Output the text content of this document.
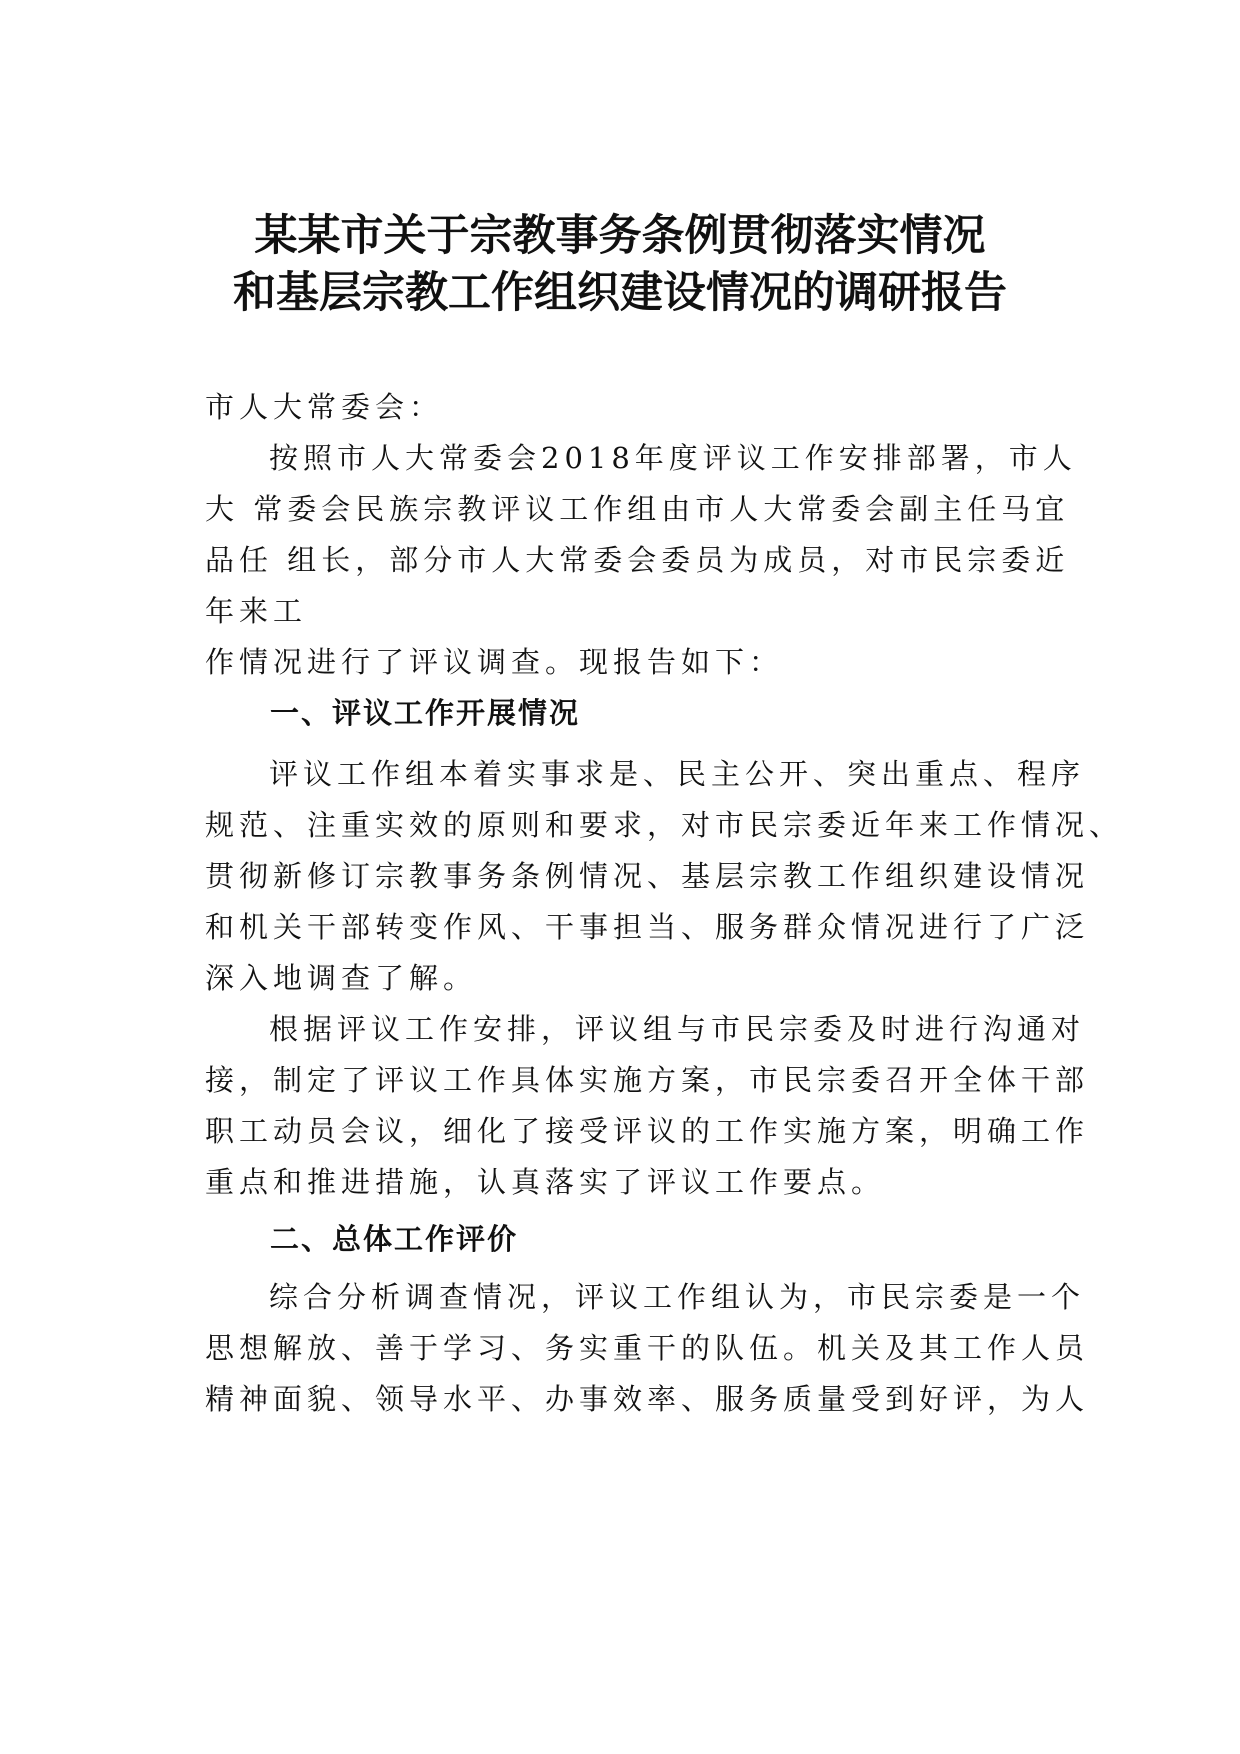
某某市关于宗教事务条例贯彻落实情况
和基层宗教工作组织建设情况的调研报告
市人大常委会：
按照市人大常委会2018年度评议工作安排部署，市人
大 常委会民族宗教评议工作组由市人大常委会副主任马宜
品任 组长，部分市人大常委会委员为成员，对市民宗委近
年来工
作情况进行了评议调查。现报告如下：
一、评议工作开展情况
评议工作组本着实事求是、民主公开、突出重点、程序
规范、注重实效的原则和要求，对市民宗委近年来工作情况、
贯彻新修订宗教事务条例情况、基层宗教工作组织建设情况
和机关干部转变作风、干事担当、服务群众情况进行了广泛
深入地调查了解。
根据评议工作安排，评议组与市民宗委及时进行沟通对
接，制定了评议工作具体实施方案，市民宗委召开全体干部
职工动员会议，细化了接受评议的工作实施方案，明确工作
重点和推进措施，认真落实了评议工作要点。
二、总体工作评价
综合分析调查情况，评议工作组认为，市民宗委是一个
思想解放、善于学习、务实重干的队伍。机关及其工作人员
精神面貌、领导水平、办事效率、服务质量受到好评，为人
